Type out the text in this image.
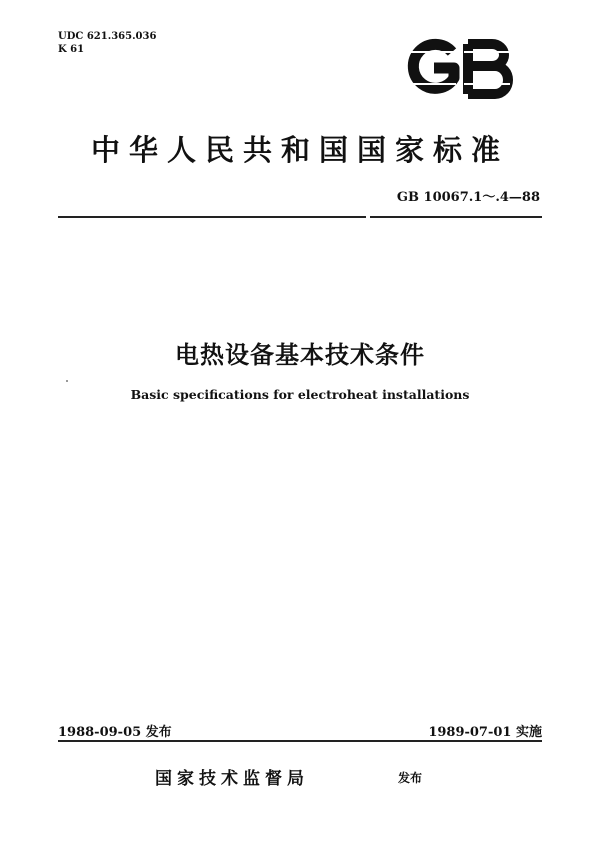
UDC 621.365.036
K 61
中华人民共和国国家标准
GB 10067.1～.4—88
电热设备基本技术条件
Basic specifications for electroheat installations
1988-09-05 发布	1989-07-01 实施
国家技术监督局	发布
